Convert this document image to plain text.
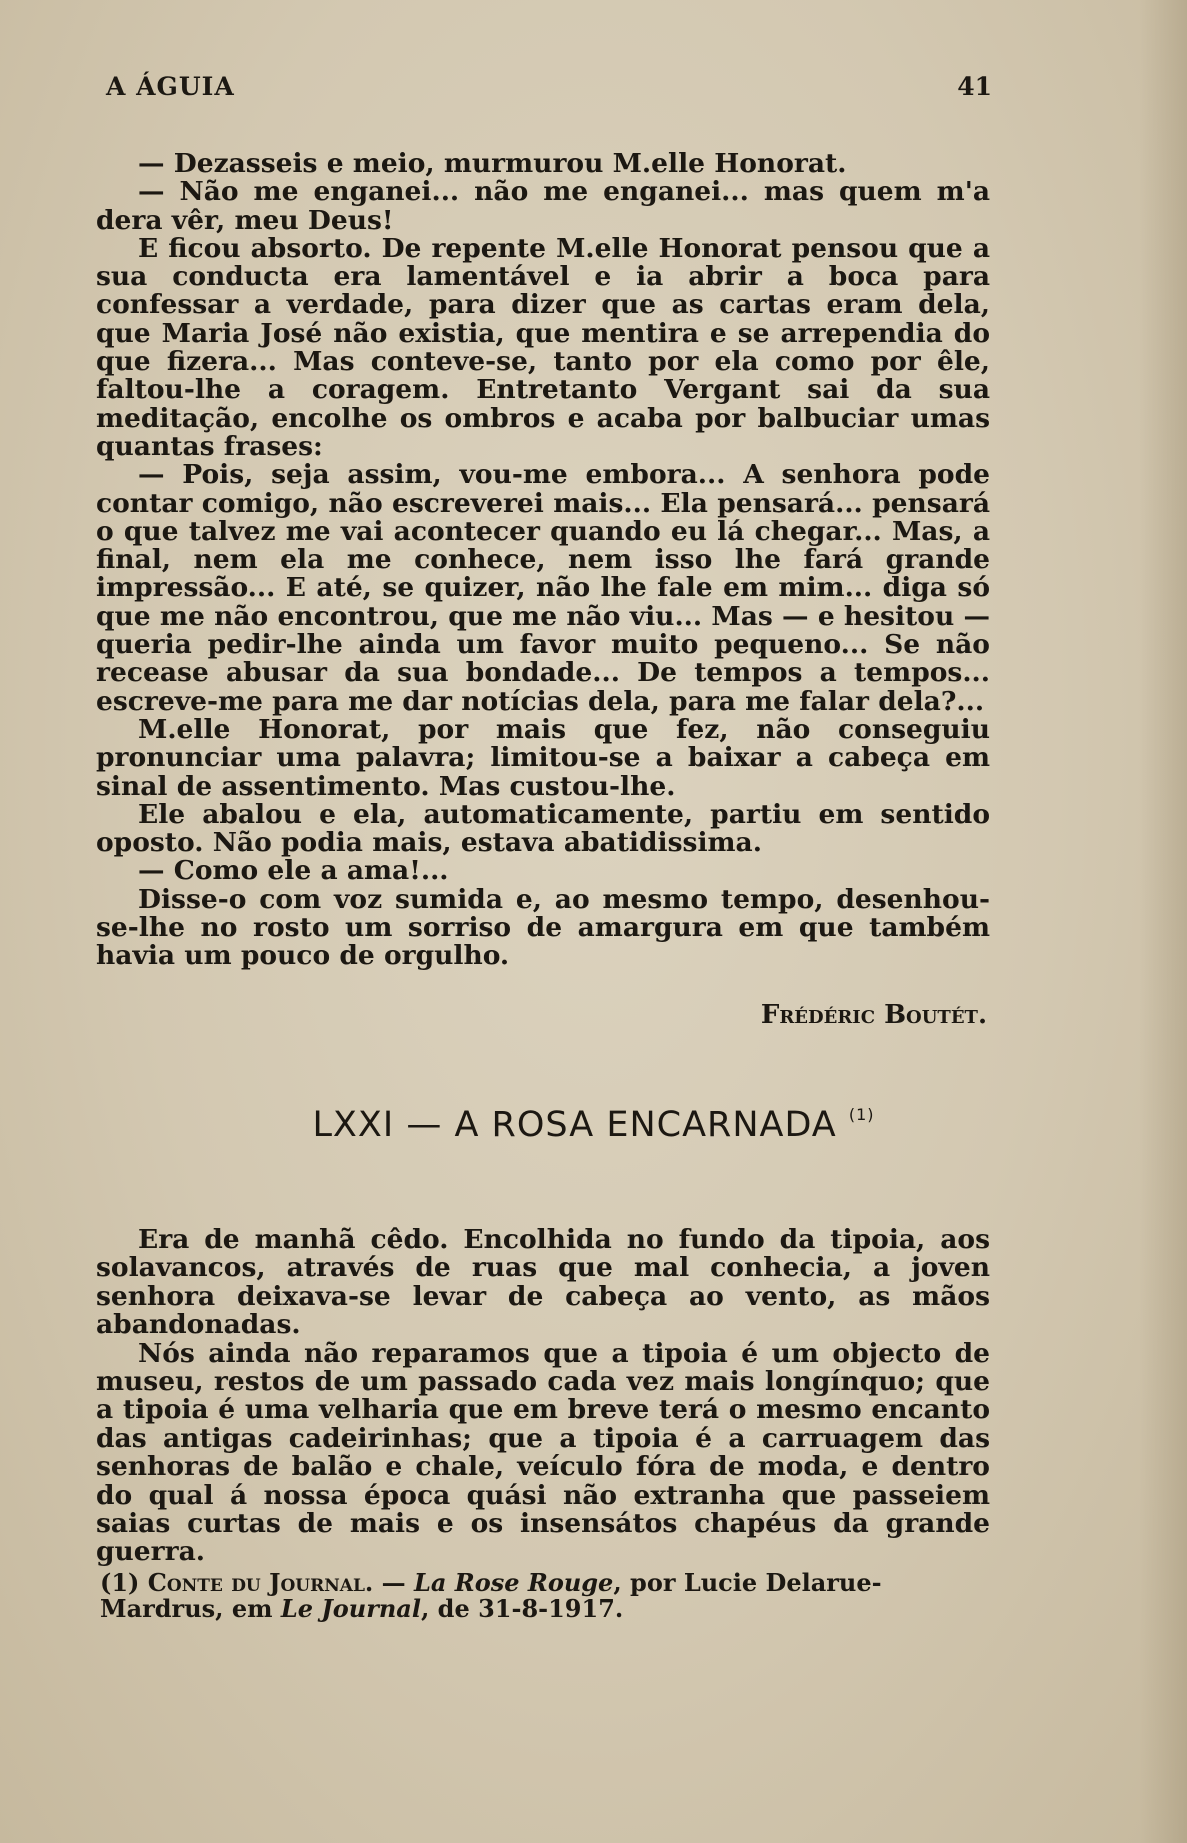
A ÁGUIA	41

— Dezasseis e meio, murmurou M.elle Honorat.

— Não me enganei... não me enganei... mas quem m'a dera vêr, meu Deus!

E ficou absorto. De repente M.elle Honorat pensou que a sua conducta era lamentável e ia abrir a boca para confessar a verdade, para dizer que as cartas eram dela, que Maria José não existia, que mentira e se arrependia do que fizera... Mas conteve-se, tanto por ela como por êle, faltou-lhe a coragem. Entretanto Vergant sai da sua meditação, encolhe os ombros e acaba por balbuciar umas quantas frases:

— Pois, seja assim, vou-me embora... A senhora pode contar comigo, não escreverei mais... Ela pensará... pensará o que talvez me vai acontecer quando eu lá chegar... Mas, a final, nem ela me conhece, nem isso lhe fará grande impressão... E até, se quizer, não lhe fale em mim... diga só que me não encontrou, que me não viu... Mas — e hesitou — queria pedir-lhe ainda um favor muito pequeno... Se não recease abusar da sua bondade... De tempos a tempos... escreve-me para me dar notícias dela, para me falar dela?...

M.elle Honorat, por mais que fez, não conseguiu pronunciar uma palavra; limitou-se a baixar a cabeça em sinal de assentimento. Mas custou-lhe.

Ele abalou e ela, automaticamente, partiu em sentido oposto. Não podia mais, estava abatidissima.

— Como ele a ama!...

Disse-o com voz sumida e, ao mesmo tempo, desenhou-se-lhe no rosto um sorriso de amargura em que também havia um pouco de orgulho.

Frédéric Boutét.
LXXI — A ROSA ENCARNADA $^{(1)}$

Era de manhã cêdo. Encolhida no fundo da tipoia, aos solavancos, através de ruas que mal conhecia, a joven senhora deixava-se levar de cabeça ao vento, as mãos abandonadas.

Nós ainda não reparamos que a tipoia é um objecto de museu, restos de um passado cada vez mais longínquo; que a tipoia é uma velharia que em breve terá o mesmo encanto das antigas cadeirinhas; que a tipoia é a carruagem das senhoras de balão e chale, veículo fóra de moda, e dentro do qual á nossa época quási não extranha que passeiem saias curtas de mais e os insensátos chapéus da grande guerra.

(1) Conte du Journal. — La Rose Rouge, por Lucie Delarue-Mardrus, em Le Journal, de 31-8-1917.
